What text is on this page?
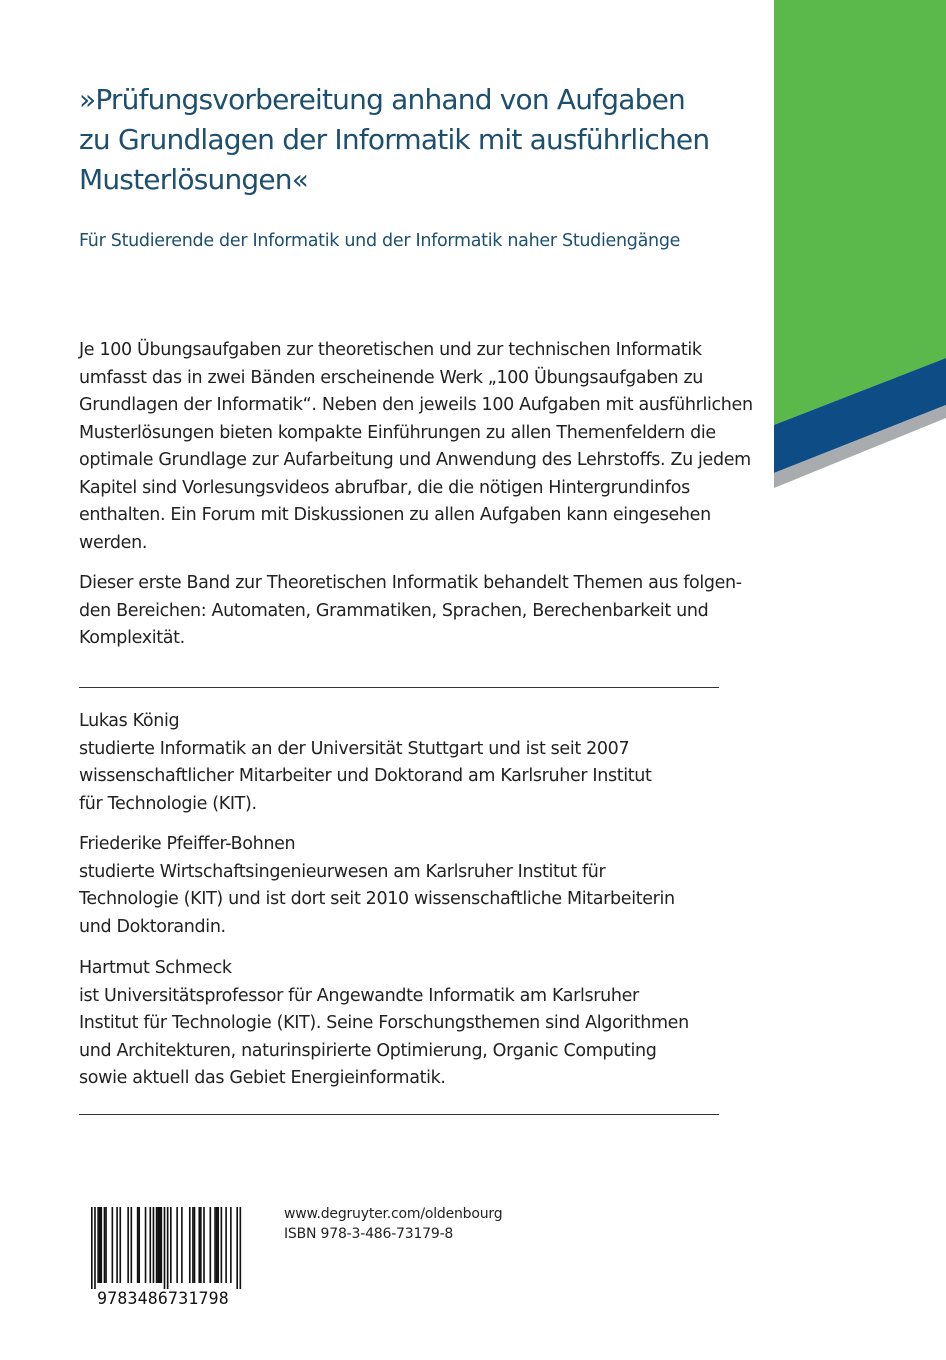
»Prüfungsvorbereitung anhand von Aufgaben
zu Grundlagen der Informatik mit ausführlichen
Musterlösungen«

Für Studierende der Informatik und der Informatik naher Studiengänge

Je 100 Übungsaufgaben zur theoretischen und zur technischen Informatik
umfasst das in zwei Bänden erscheinende Werk „100 Übungsaufgaben zu
Grundlagen der Informatik“. Neben den jeweils 100 Aufgaben mit ausführlichen
Musterlösungen bieten kompakte Einführungen zu allen Themenfeldern die
optimale Grundlage zur Aufarbeitung und Anwendung des Lehrstoffs. Zu jedem
Kapitel sind Vorlesungsvideos abrufbar, die die nötigen Hintergrundinfos
enthalten. Ein Forum mit Diskussionen zu allen Aufgaben kann eingesehen
werden.

Dieser erste Band zur Theoretischen Informatik behandelt Themen aus folgen-
den Bereichen: Automaten, Grammatiken, Sprachen, Berechenbarkeit und
Komplexität.

Lukas König
studierte Informatik an der Universität Stuttgart und ist seit 2007
wissenschaftlicher Mitarbeiter und Doktorand am Karlsruher Institut
für Technologie (KIT).

Friederike Pfeiffer-Bohnen
studierte Wirtschaftsingenieurwesen am Karlsruher Institut für
Technologie (KIT) und ist dort seit 2010 wissenschaftliche Mitarbeiterin
und Doktorandin.

Hartmut Schmeck
ist Universitätsprofessor für Angewandte Informatik am Karlsruher
Institut für Technologie (KIT). Seine Forschungsthemen sind Algorithmen
und Architekturen, naturinspirierte Optimierung, Organic Computing
sowie aktuell das Gebiet Energieinformatik.

9783486731798

www.degruyter.com/oldenbourg

ISBN 978-3-486-73179-8
